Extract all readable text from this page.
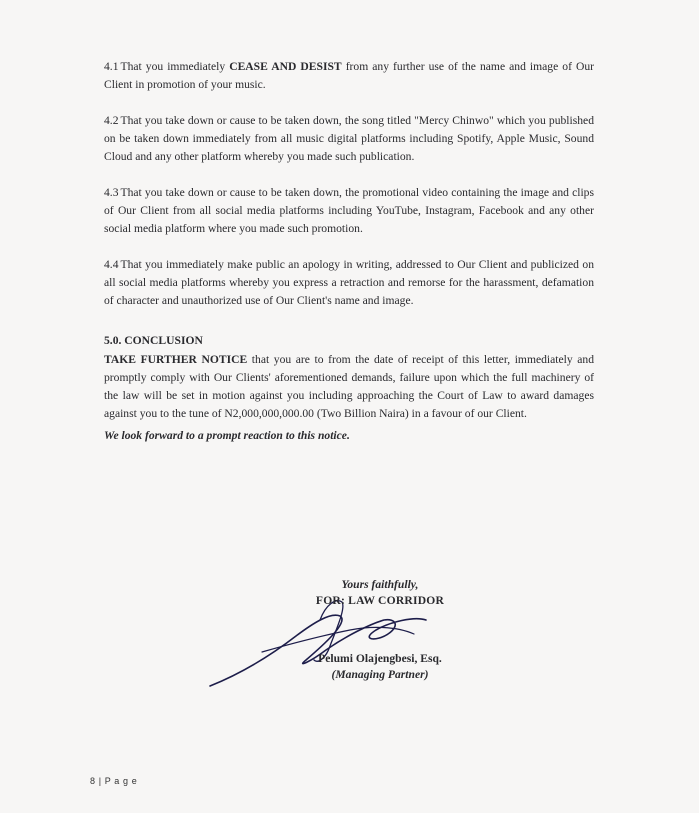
4.1 That you immediately CEASE AND DESIST from any further use of the name and image of Our Client in promotion of your music.

4.2 That you take down or cause to be taken down, the song titled "Mercy Chinwo" which you published on be taken down immediately from all music digital platforms including Spotify, Apple Music, Sound Cloud and any other platform whereby you made such publication.

4.3 That you take down or cause to be taken down, the promotional video containing the image and clips of Our Client from all social media platforms including YouTube, Instagram, Facebook and any other social media platform where you made such promotion.

4.4 That you immediately make public an apology in writing, addressed to Our Client and publicized on all social media platforms whereby you express a retraction and remorse for the harassment, defamation of character and unauthorized use of Our Client's name and image.

5.0. CONCLUSION

TAKE FURTHER NOTICE that you are to from the date of receipt of this letter, immediately and promptly comply with Our Clients' aforementioned demands, failure upon which the full machinery of the law will be set in motion against you including approaching the Court of Law to award damages against you to the tune of N2,000,000,000.00 (Two Billion Naira) in a favour of our Client.

We look forward to a prompt reaction to this notice.
Yours faithfully,
FOR: LAW CORRIDOR
Pelumi Olajengbesi, Esq.
(Managing Partner)
8 | P a g e
